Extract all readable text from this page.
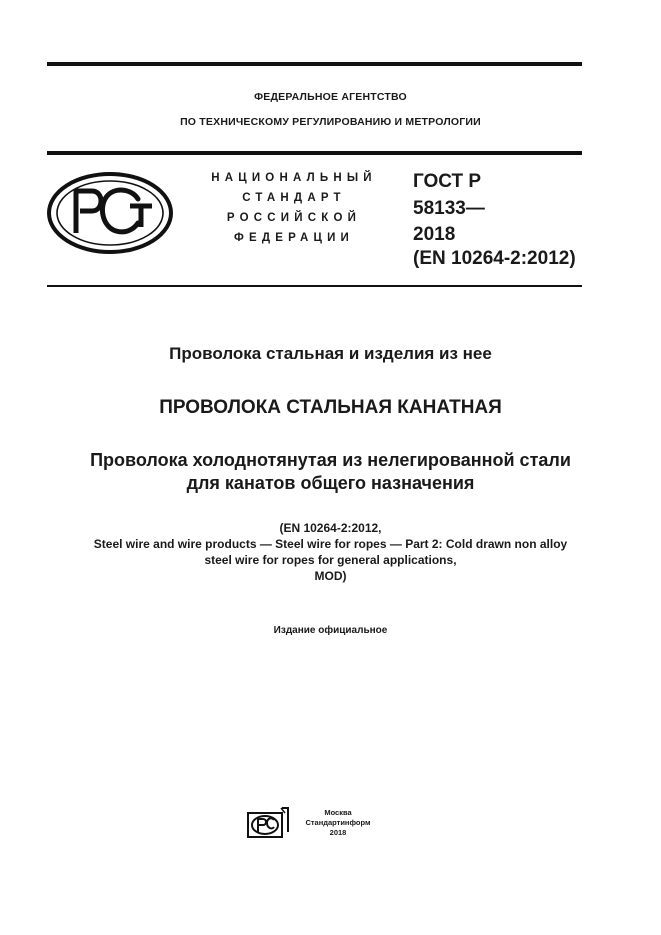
ФЕДЕРАЛЬНОЕ АГЕНТСТВО
ПО ТЕХНИЧЕСКОМУ РЕГУЛИРОВАНИЮ И МЕТРОЛОГИИ
НАЦИОНАЛЬНЫЙ
СТАНДАРТ
РОССИЙСКОЙ
ФЕДЕРАЦИИ
ГОСТ Р
58133—
2018
(EN 10264-2:2012)
Проволока стальная и изделия из нее
ПРОВОЛОКА СТАЛЬНАЯ КАНАТНАЯ
Проволока холоднотянутая из нелегированной стали
для канатов общего назначения
(EN 10264-2:2012,
Steel wire and wire products — Steel wire for ropes — Part 2: Cold drawn non alloy
steel wire for ropes for general applications,
MOD)
Издание официальное
Москва
Стандартинформ
2018
